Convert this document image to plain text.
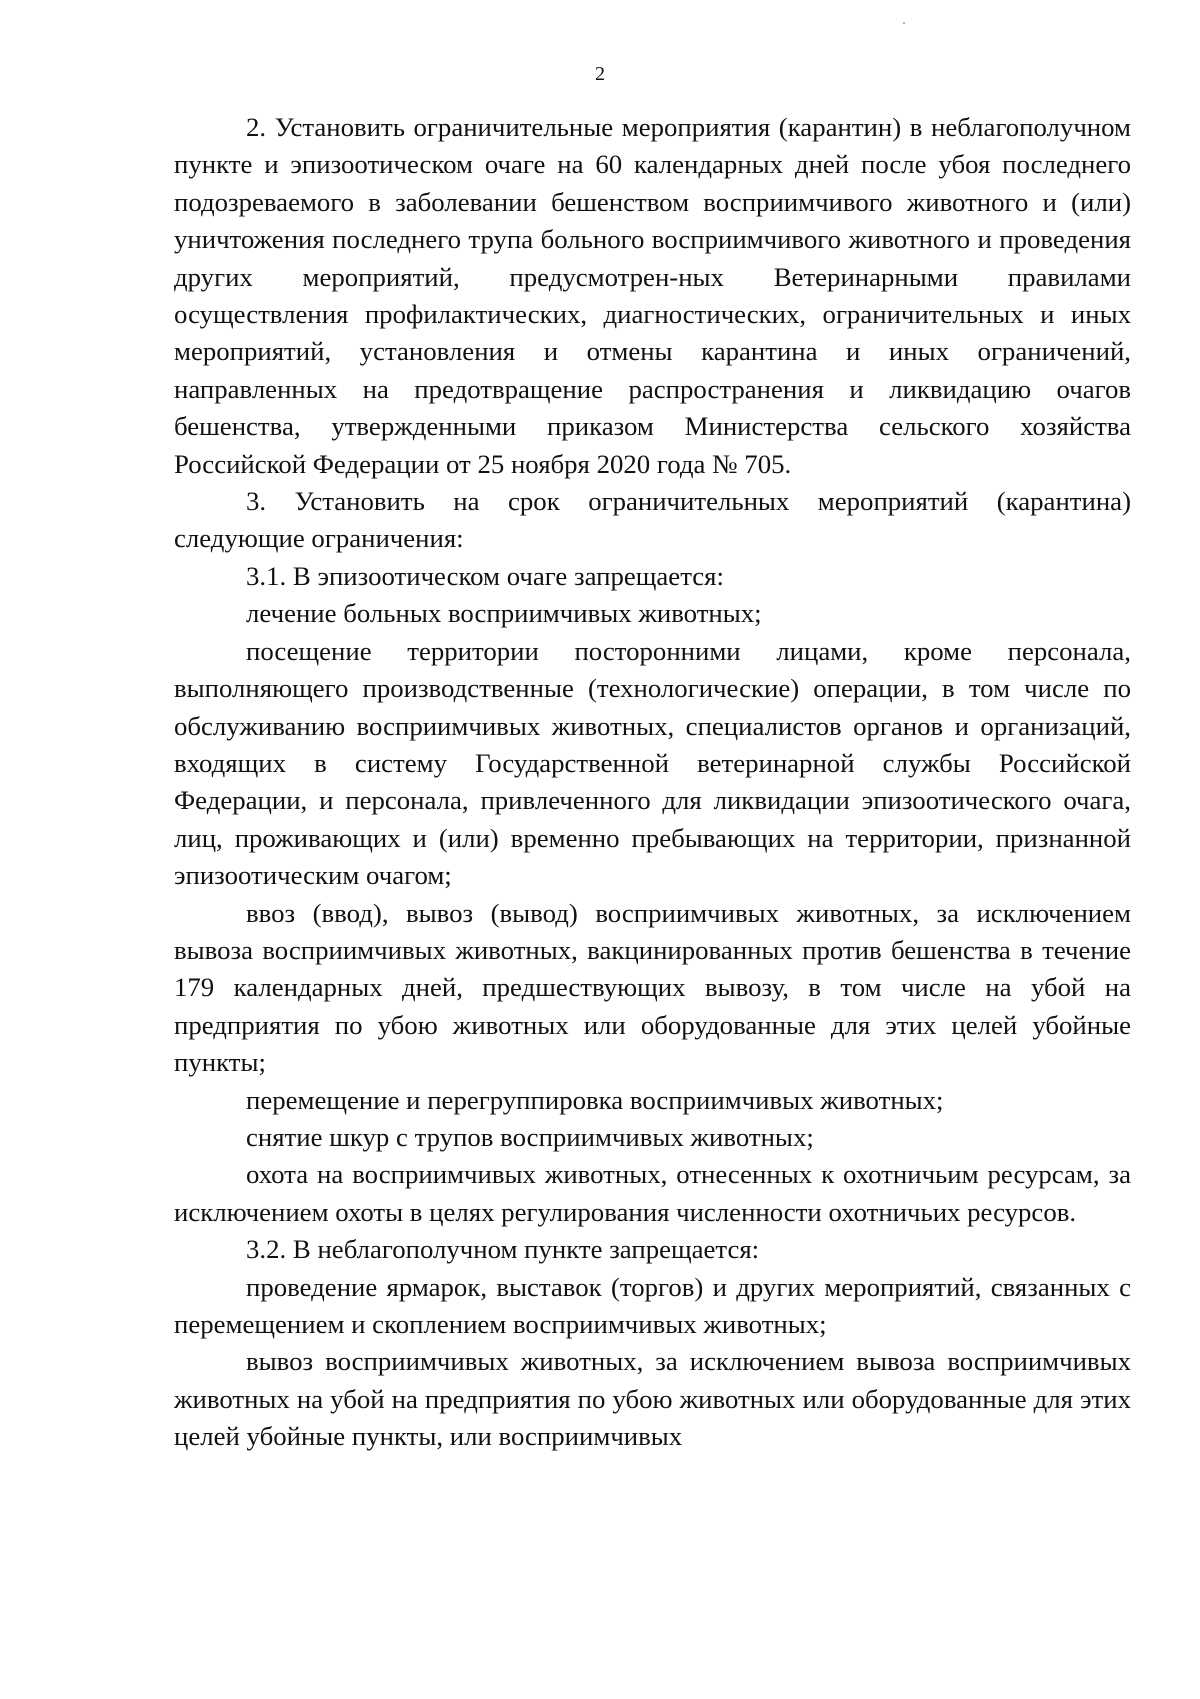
2

2. Установить ограничительные мероприятия (карантин) в неблагополучном пункте и эпизоотическом очаге на 60 календарных дней после убоя последнего подозреваемого в заболевании бешенством восприимчивого животного и (или) уничтожения последнего трупа больного восприимчивого животного и проведения других мероприятий, предусмотрен-ных Ветеринарными правилами осуществления профилактических, диагностических, ограничительных и иных мероприятий, установления и отмены карантина и иных ограничений, направленных на предотвращение распространения и ликвидацию очагов бешенства, утвержденными приказом Министерства сельского хозяйства Российской Федерации от 25 ноября 2020 года № 705.

3. Установить на срок ограничительных мероприятий (карантина) следующие ограничения:

3.1. В эпизоотическом очаге запрещается:

лечение больных восприимчивых животных;

посещение территории посторонними лицами, кроме персонала, выполняющего производственные (технологические) операции, в том числе по обслуживанию восприимчивых животных, специалистов органов и организаций, входящих в систему Государственной ветеринарной службы Российской Федерации, и персонала, привлеченного для ликвидации эпизоотического очага, лиц, проживающих и (или) временно пребывающих на территории, признанной эпизоотическим очагом;

ввоз (ввод), вывоз (вывод) восприимчивых животных, за исключением вывоза восприимчивых животных, вакцинированных против бешенства в течение 179 календарных дней, предшествующих вывозу, в том числе на убой на предприятия по убою животных или оборудованные для этих целей убойные пункты;

перемещение и перегруппировка восприимчивых животных;

снятие шкур с трупов восприимчивых животных;

охота на восприимчивых животных, отнесенных к охотничьим ресурсам, за исключением охоты в целях регулирования численности охотничьих ресурсов.

3.2. В неблагополучном пункте запрещается:

проведение ярмарок, выставок (торгов) и других мероприятий, связанных с перемещением и скоплением восприимчивых животных;

вывоз восприимчивых животных, за исключением вывоза восприимчивых животных на убой на предприятия по убою животных или оборудованные для этих целей убойные пункты, или восприимчивых
